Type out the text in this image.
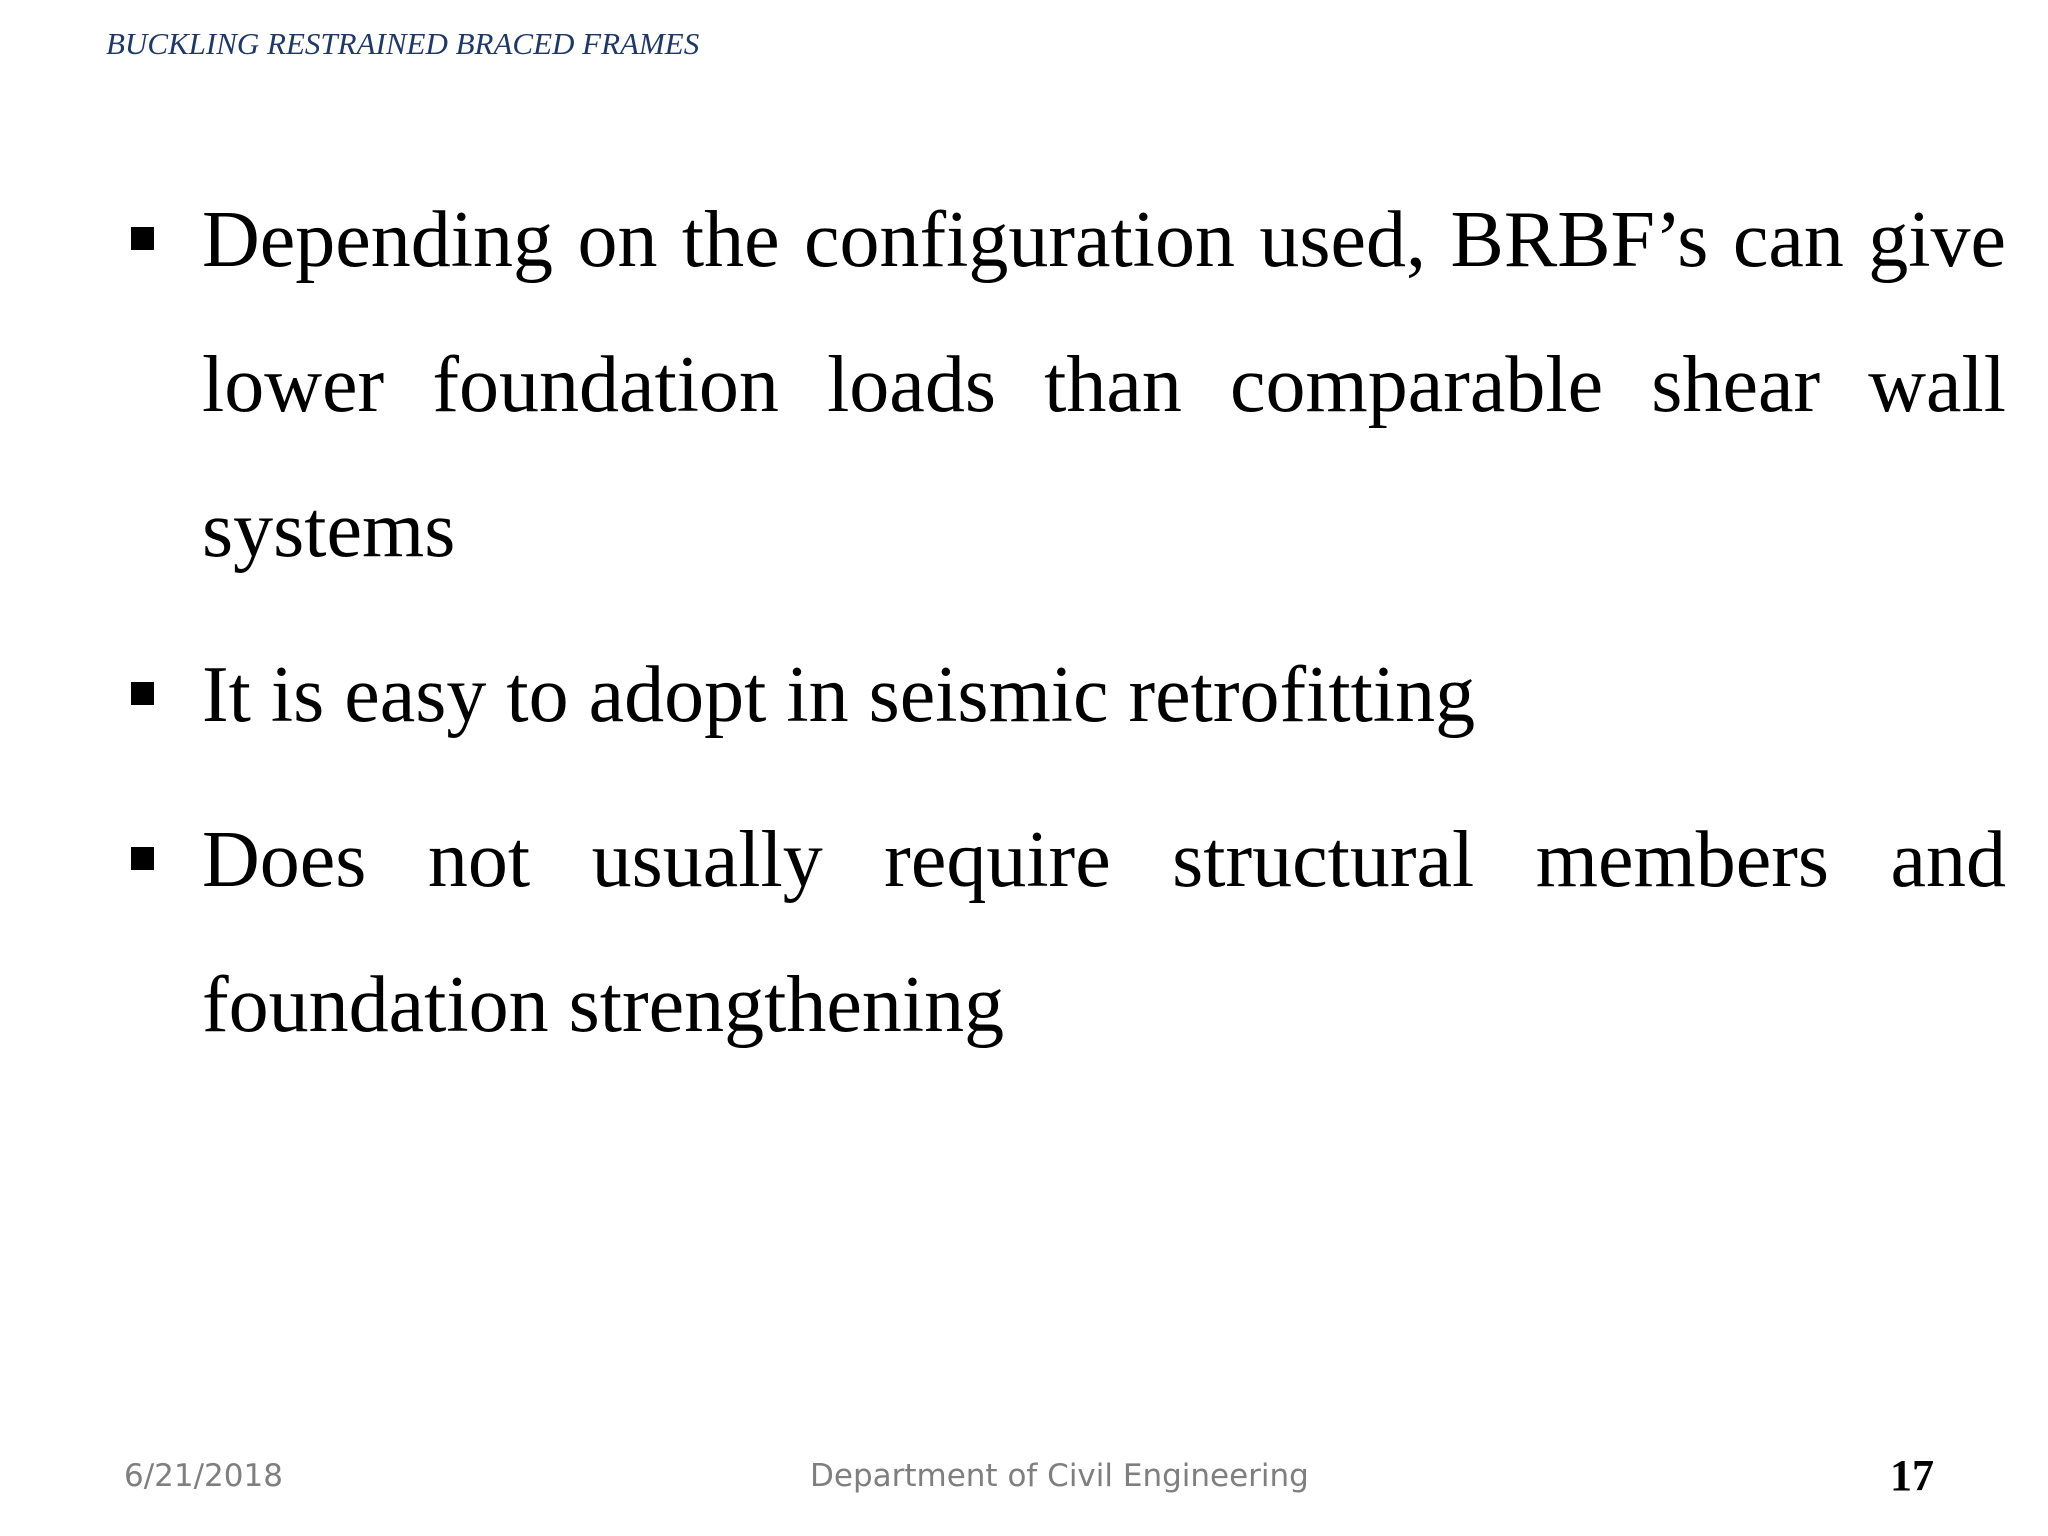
BUCKLING RESTRAINED BRACED FRAMES
Depending on the configuration used, BRBF’s can give lower foundation loads than comparable shear wall systems
It is easy to adopt in seismic retrofitting
Does not usually require structural members and foundation strengthening
6/21/2018	Department of Civil Engineering	17
